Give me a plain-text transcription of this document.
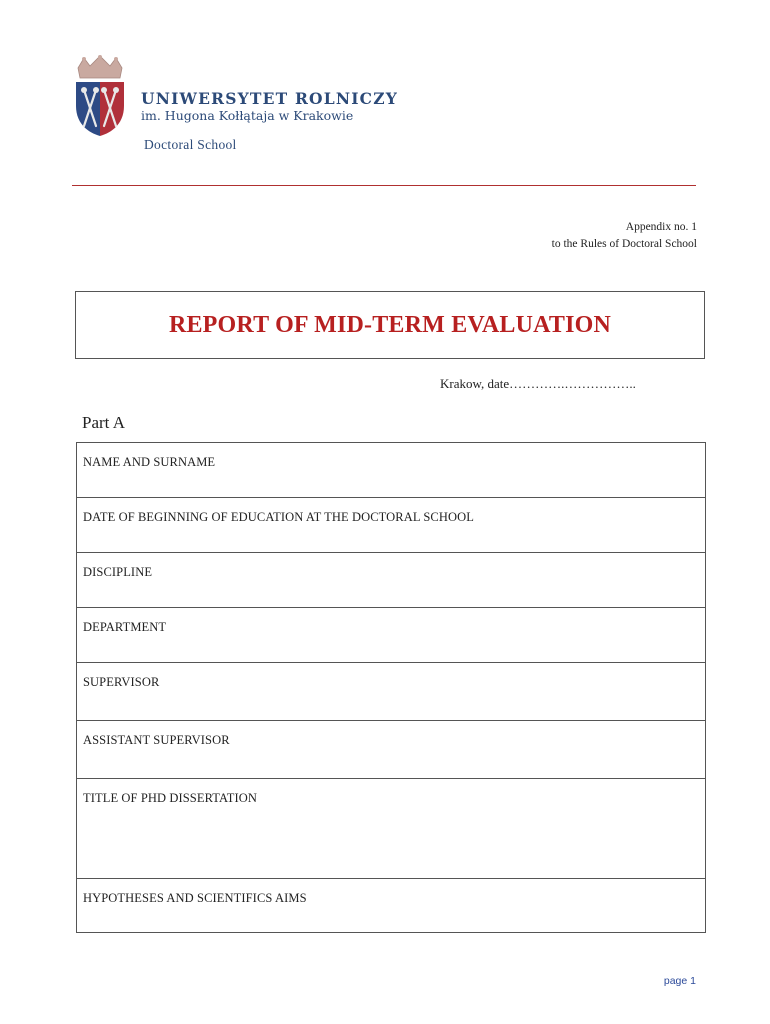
UNIWERSYTET ROLNICZY
im. Hugona Kołłątaja w Krakowie
Doctoral School
Appendix no. 1
to the Rules of Doctoral School
REPORT OF MID-TERM EVALUATION
Krakow, date………….……………..
Part A
NAME AND SURNAME
DATE OF BEGINNING OF EDUCATION AT THE DOCTORAL SCHOOL
DISCIPLINE
DEPARTMENT
SUPERVISOR
ASSISTANT SUPERVISOR
TITLE OF PHD DISSERTATION
HYPOTHESES AND SCIENTIFICS AIMS
page 1
